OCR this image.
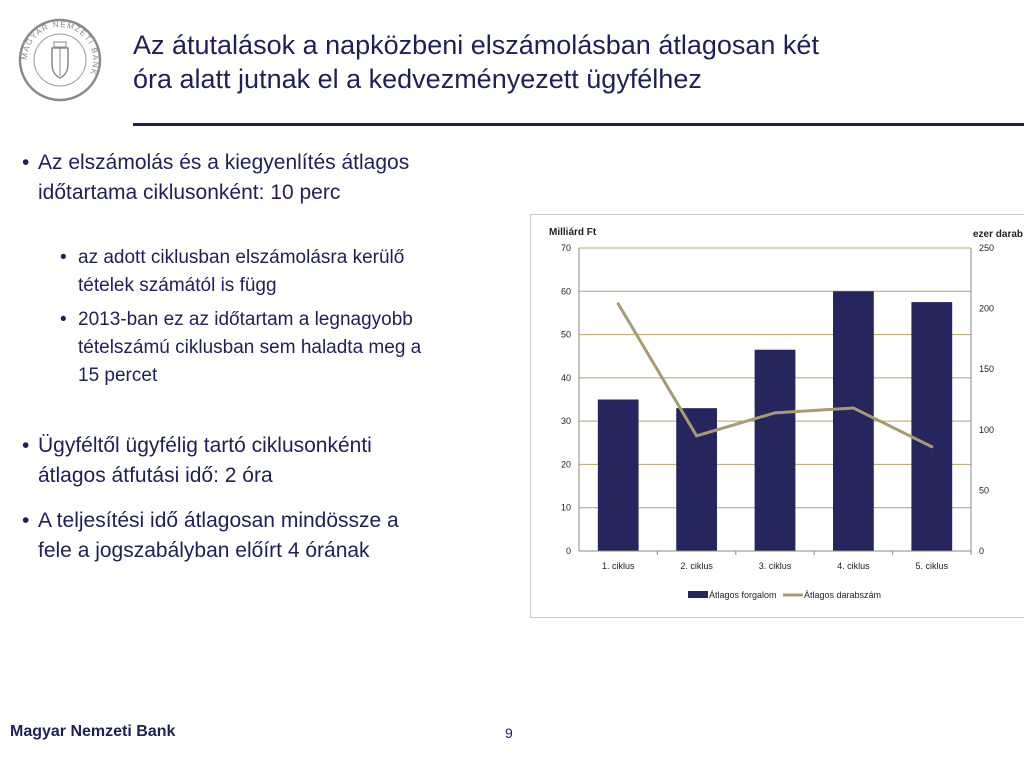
MAGYAR NEMZETI BANK
Az átutalások a napközbeni elszámolásban átlagosan két
óra alatt jutnak el a kedvezményezett ügyfélhez
• Az elszámolás és a kiegyenlítés átlagos
időtartama ciklusonként: 10 perc
• az adott ciklusban elszámolásra kerülő
tételek számától is függ
• 2013-ban ez az időtartam a legnagyobb
tételszámú ciklusban sem haladta meg a
15 percet
• Ügyféltől ügyfélig tartó ciklusonkénti
átlagos átfutási idő: 2 óra
• A teljesítési idő átlagosan mindössze a
fele a jogszabályban előírt 4 órának
Milliárd Ft	ezer darab
0
10
20
30
40
50
60
70
0
50
100
150
200
250
1. ciklus	2. ciklus	3. ciklus	4. ciklus	5. ciklus
Átlagos forgalom	Átlagos darabszám
Magyar Nemzeti Bank	9
